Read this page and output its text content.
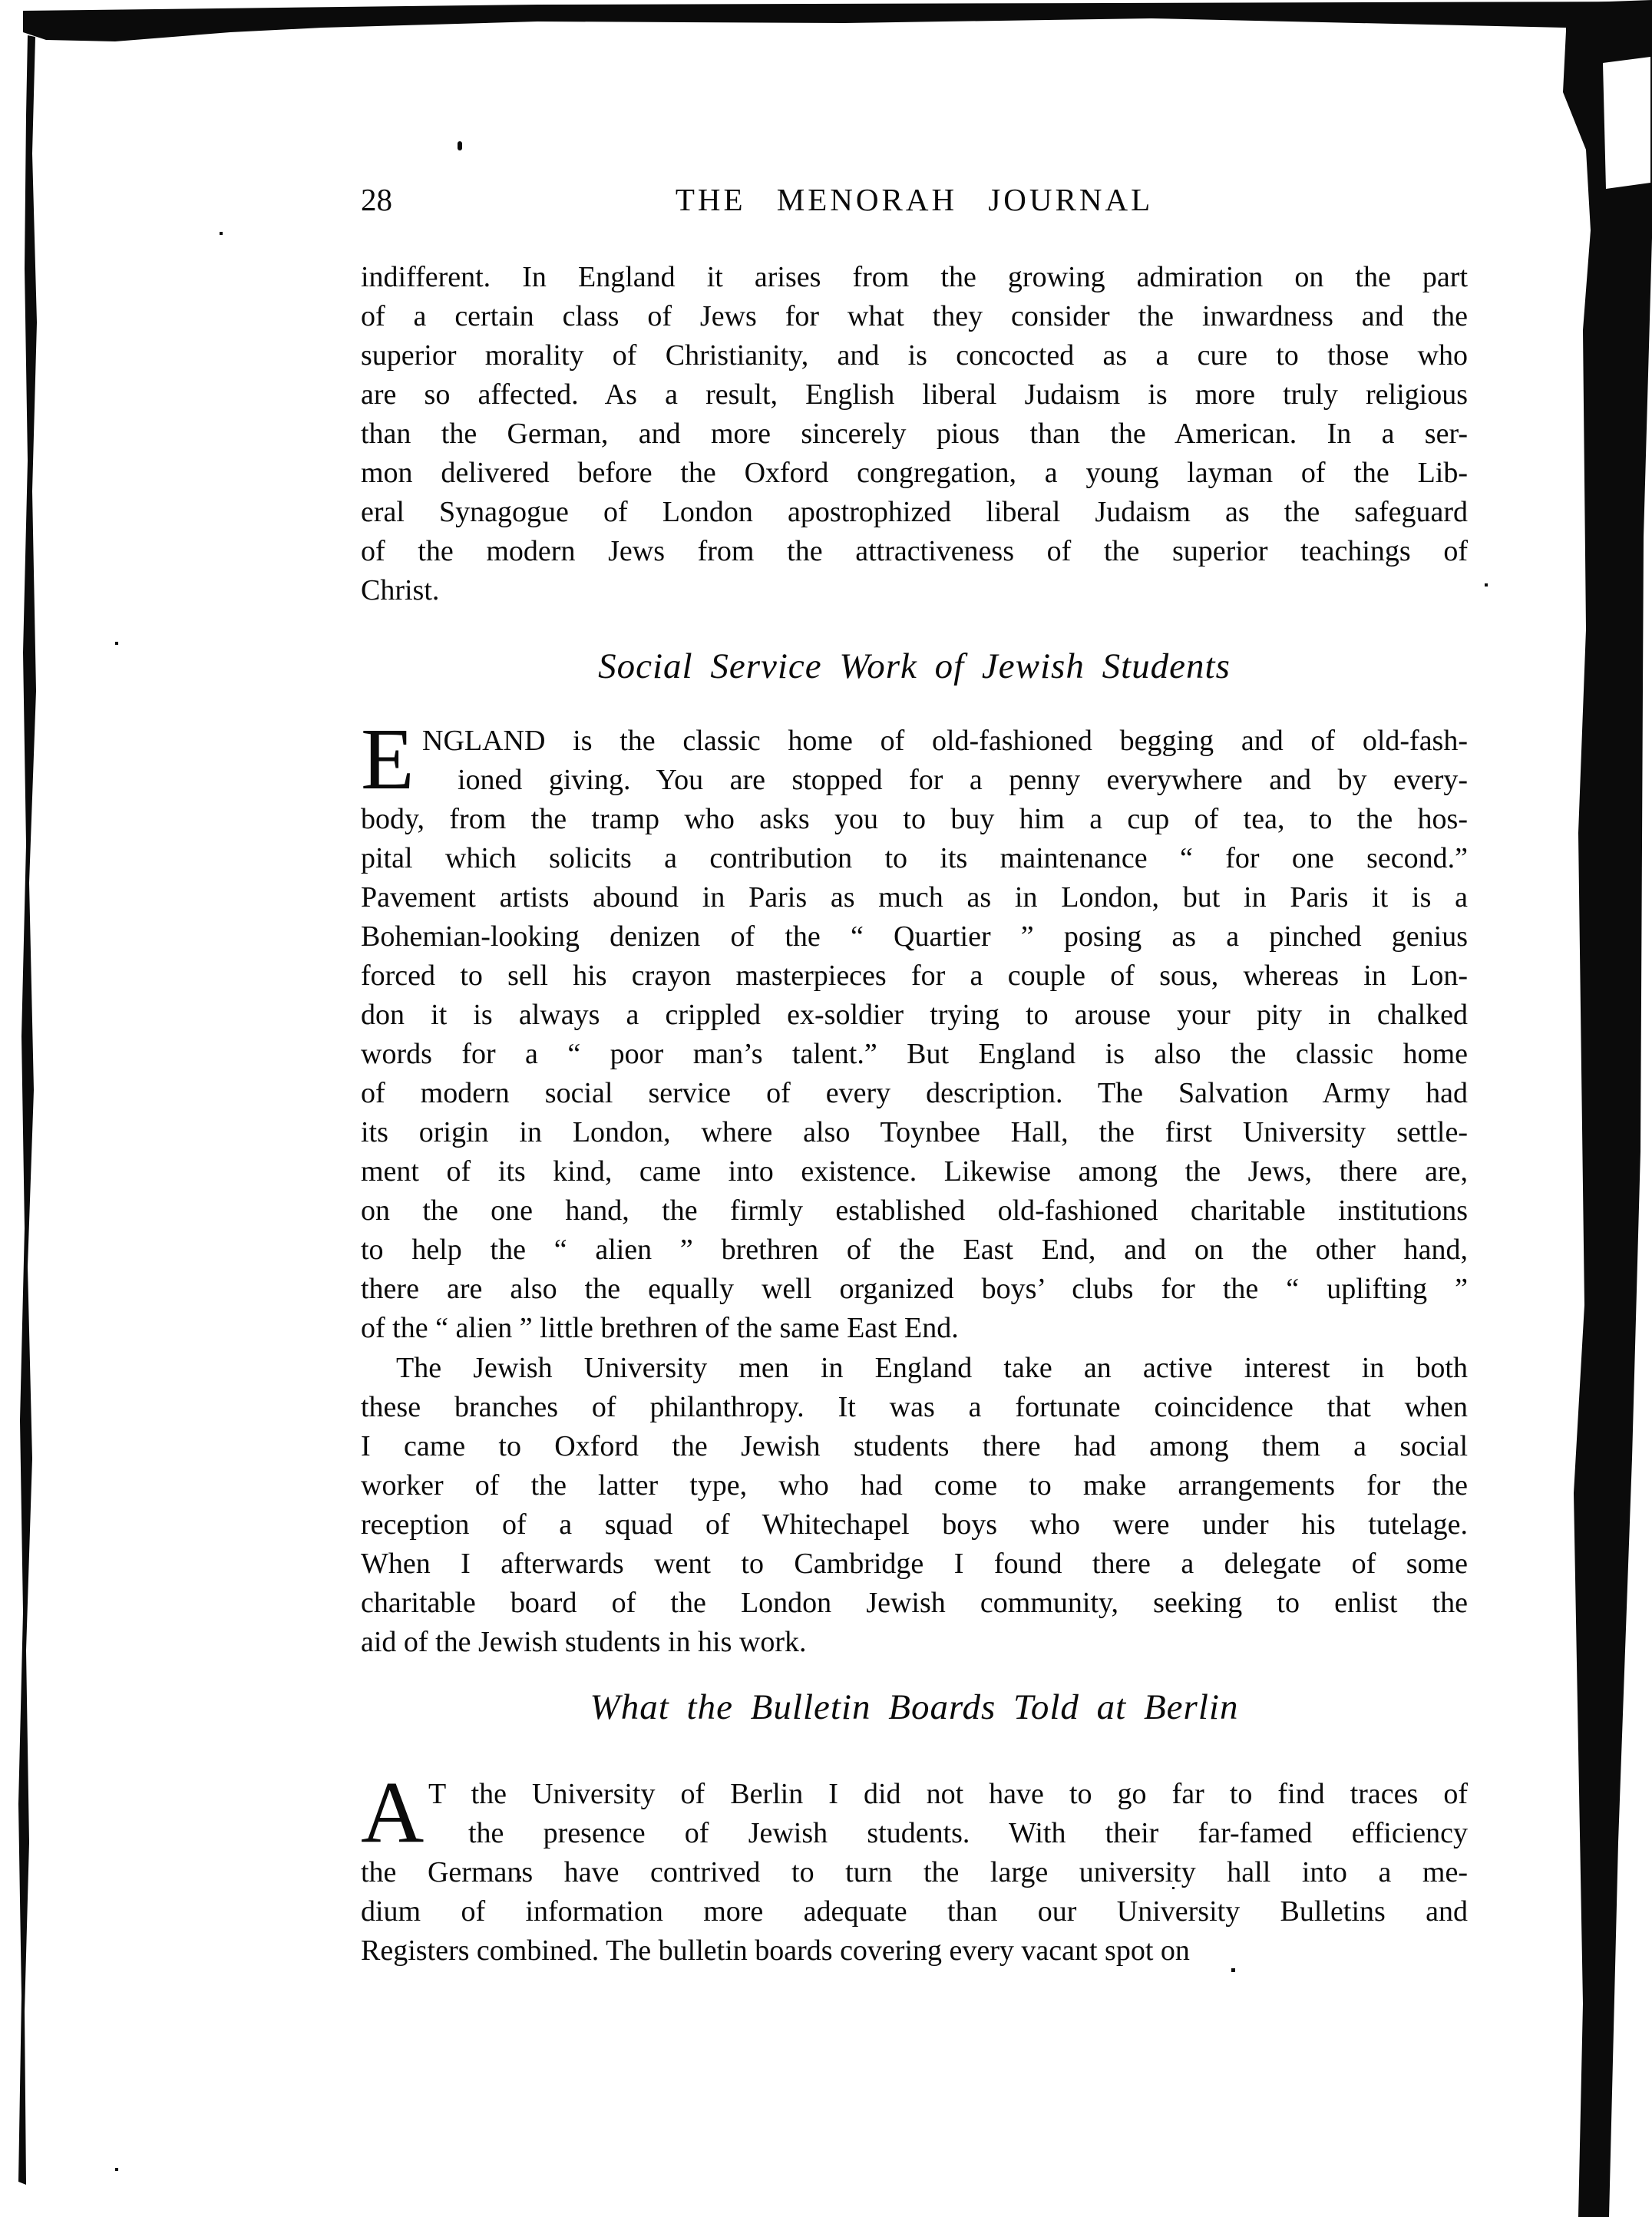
28	THE MENORAH JOURNAL
indifferent. In England it arises from the growing admiration on the part
of a certain class of Jews for what they consider the inwardness and the
superior morality of Christianity, and is concocted as a cure to those who
are so affected. As a result, English liberal Judaism is more truly religious
than the German, and more sincerely pious than the American. In a ser-
mon delivered before the Oxford congregation, a young layman of the Lib-
eral Synagogue of London apostrophized liberal Judaism as the safeguard
of the modern Jews from the attractiveness of the superior teachings of
Christ.
Social Service Work of Jewish Students
E NGLAND is the classic home of old-fashioned begging and of old-fash-
ioned giving. You are stopped for a penny everywhere and by every-
body, from the tramp who asks you to buy him a cup of tea, to the hos-
pital which solicits a contribution to its maintenance “ for one second.”
Pavement artists abound in Paris as much as in London, but in Paris it is a
Bohemian-looking denizen of the “ Quartier ” posing as a pinched genius
forced to sell his crayon masterpieces for a couple of sous, whereas in Lon-
don it is always a crippled ex-soldier trying to arouse your pity in chalked
words for a “ poor man’s talent.” But England is also the classic home
of modern social service of every description. The Salvation Army had
its origin in London, where also Toynbee Hall, the first University settle-
ment of its kind, came into existence. Likewise among the Jews, there are,
on the one hand, the firmly established old-fashioned charitable institutions
to help the “ alien ” brethren of the East End, and on the other hand,
there are also the equally well organized boys’ clubs for the “ uplifting ”
of the “ alien ” little brethren of the same East End.
The Jewish University men in England take an active interest in both
these branches of philanthropy. It was a fortunate coincidence that when
I came to Oxford the Jewish students there had among them a social
worker of the latter type, who had come to make arrangements for the
reception of a squad of Whitechapel boys who were under his tutelage.
When I afterwards went to Cambridge I found there a delegate of some
charitable board of the London Jewish community, seeking to enlist the
aid of the Jewish students in his work.
What the Bulletin Boards Told at Berlin
A T the University of Berlin I did not have to go far to find traces of
the presence of Jewish students. With their far-famed efficiency
the Germans have contrived to turn the large university hall into a me-
dium of information more adequate than our University Bulletins and
Registers combined. The bulletin boards covering every vacant spot on
